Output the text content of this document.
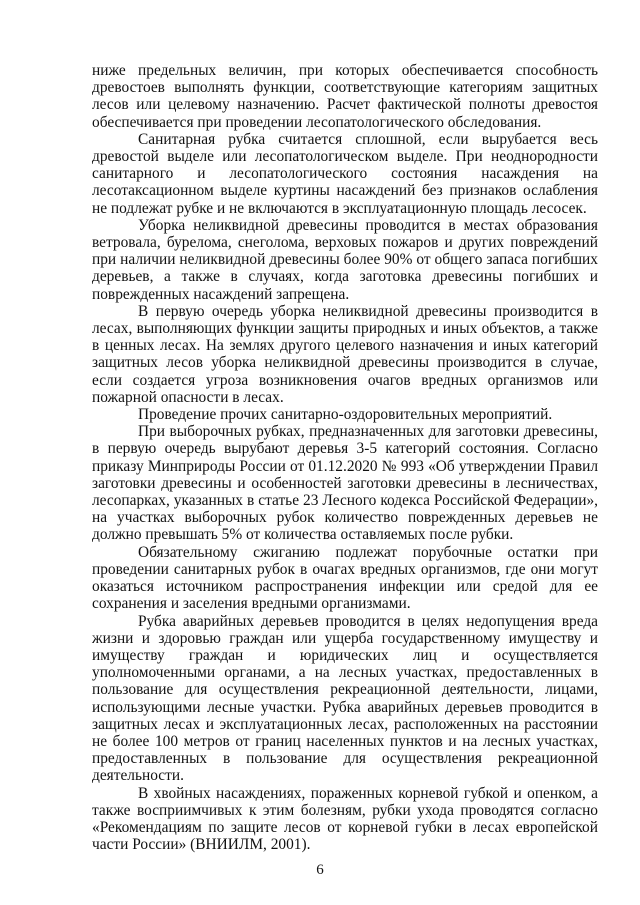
ниже предельных величин, при которых обеспечивается способность древостоев выполнять функции, соответствующие категориям защитных лесов или целевому назначению. Расчет фактической полноты древостоя обеспечивается при проведении лесопатологического обследования.

Санитарная рубка считается сплошной, если вырубается весь древостой выделе или лесопатологическом выделе. При неоднородности санитарного и лесопатологического состояния насаждения на лесотаксационном выделе куртины насаждений без признаков ослабления не подлежат рубке и не включаются в эксплуатационную площадь лесосек.

Уборка неликвидной древесины проводится в местах образования ветровала, бурелома, снеголома, верховых пожаров и других повреждений при наличии неликвидной древесины более 90% от общего запаса погибших деревьев, а также в случаях, когда заготовка древесины погибших и поврежденных насаждений запрещена.

В первую очередь уборка неликвидной древесины производится в лесах, выполняющих функции защиты природных и иных объектов, а также в ценных лесах. На землях другого целевого назначения и иных категорий защитных лесов уборка неликвидной древесины производится в случае, если создается угроза возникновения очагов вредных организмов или пожарной опасности в лесах.

Проведение прочих санитарно-оздоровительных мероприятий.

При выборочных рубках, предназначенных для заготовки древесины, в первую очередь вырубают деревья 3-5 категорий состояния. Согласно приказу Минприроды России от 01.12.2020 № 993 «Об утверждении Правил заготовки древесины и особенностей заготовки древесины в лесничествах, лесопарках, указанных в статье 23 Лесного кодекса Российской Федерации», на участках выборочных рубок количество поврежденных деревьев не должно превышать 5% от количества оставляемых после рубки.

Обязательному сжиганию подлежат порубочные остатки при проведении санитарных рубок в очагах вредных организмов, где они могут оказаться источником распространения инфекции или средой для ее сохранения и заселения вредными организмами.

Рубка аварийных деревьев проводится в целях недопущения вреда жизни и здоровью граждан или ущерба государственному имуществу и имуществу граждан и юридических лиц и осуществляется уполномоченными органами, а на лесных участках, предоставленных в пользование для осуществления рекреационной деятельности, лицами, использующими лесные участки. Рубка аварийных деревьев проводится в защитных лесах и эксплуатационных лесах, расположенных на расстоянии не более 100 метров от границ населенных пунктов и на лесных участках, предоставленных в пользование для осуществления рекреационной деятельности.

В хвойных насаждениях, пораженных корневой губкой и опенком, а также восприимчивых к этим болезням, рубки ухода проводятся согласно «Рекомендациям по защите лесов от корневой губки в лесах европейской части России» (ВНИИЛМ, 2001).

6
